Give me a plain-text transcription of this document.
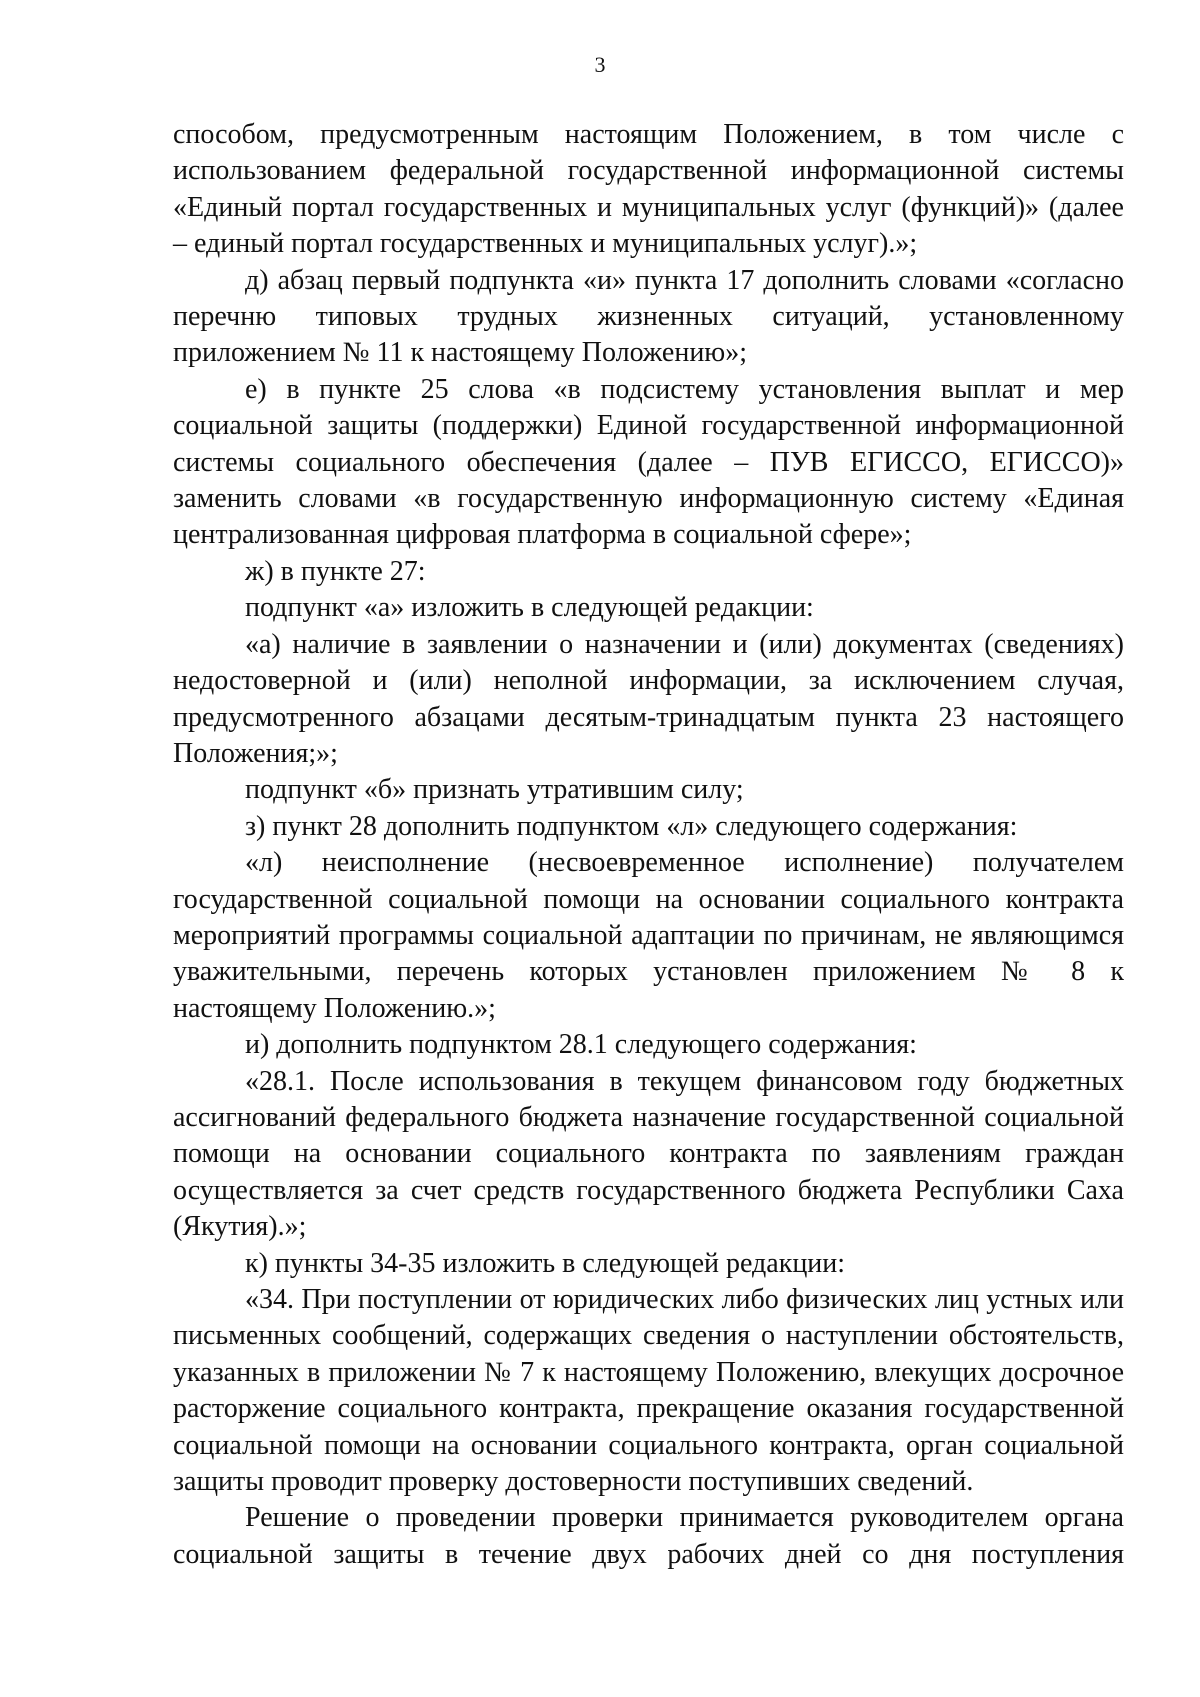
3

способом, предусмотренным настоящим Положением, в том числе с использованием федеральной государственной информационной системы «Единый портал государственных и муниципальных услуг (функций)» (далее – единый портал государственных и муниципальных услуг).»;

д) абзац первый подпункта «и» пункта 17 дополнить словами «согласно перечню типовых трудных жизненных ситуаций, установленному приложением № 11 к настоящему Положению»;

е) в пункте 25 слова «в подсистему установления выплат и мер социальной защиты (поддержки) Единой государственной информационной системы социального обеспечения (далее – ПУВ ЕГИССО, ЕГИССО)» заменить словами «в государственную информационную систему «Единая централизованная цифровая платформа в социальной сфере»;

ж) в пункте 27:

подпункт «а» изложить в следующей редакции:

«а) наличие в заявлении о назначении и (или) документах (сведениях) недостоверной и (или) неполной информации, за исключением случая, предусмотренного абзацами десятым-тринадцатым пункта 23 настоящего Положения;»;

подпункт «б» признать утратившим силу;

з) пункт 28 дополнить подпунктом «л» следующего содержания:

«л) неисполнение (несвоевременное исполнение) получателем государственной социальной помощи на основании социального контракта мероприятий программы социальной адаптации по причинам, не являющимся уважительными, перечень которых установлен приложением № 8 к настоящему Положению.»;

и) дополнить подпунктом 28.1 следующего содержания:

«28.1. После использования в текущем финансовом году бюджетных ассигнований федерального бюджета назначение государственной социальной помощи на основании социального контракта по заявлениям граждан осуществляется за счет средств государственного бюджета Республики Саха (Якутия).»;

к) пункты 34-35 изложить в следующей редакции:

«34. При поступлении от юридических либо физических лиц устных или письменных сообщений, содержащих сведения о наступлении обстоятельств, указанных в приложении № 7 к настоящему Положению, влекущих досрочное расторжение социального контракта, прекращение оказания государственной социальной помощи на основании социального контракта, орган социальной защиты проводит проверку достоверности поступивших сведений.

Решение о проведении проверки принимается руководителем органа социальной защиты в течение двух рабочих дней со дня поступления
